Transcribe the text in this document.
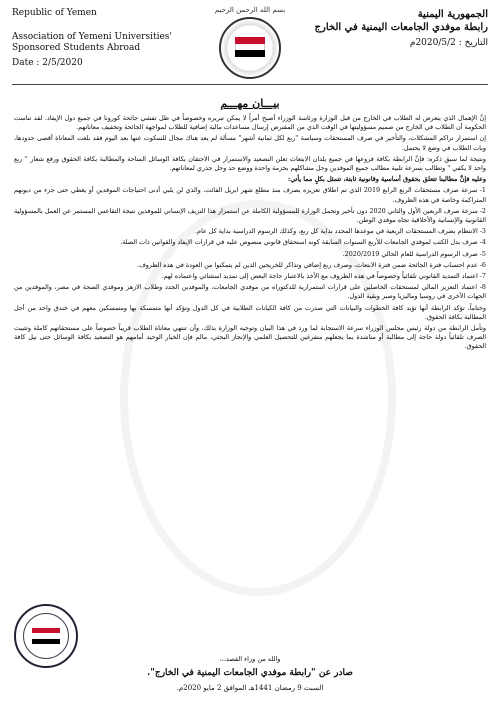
Republic of Yemen
Association of Yemeni Universities'
Sponsored Students Abroad
Date : 2/5/2020
بسم الله الرحمن الرحيم	الجمهورية اليمنية
رابطة موفدي الجامعات اليمنية في الخارج
التاريخ : 2020/5/2م
بيـــان مهـــم

إنَّ الإهمال الذي يتعرض له الطلاب في الخارج من قبل الوزارة ورئاسة الوزراء أصبح أمراً لا يمكن تبريره وخصوصاً في ظل تفشي جائحة كورونا في جميع دول الإيفاد. لقد تناست الحكومة أن الطلاب في الخارج من صميم مسؤوليتها في الوقت الذي من المفترض إرسال مساعدات مالية إضافية للطلاب لمواجهة الجائحة وتخفيف معاناتهم.

إن استمرار تراكم المشكلات، والتأخير في صرف المستحقات وسياسة "ربع لكل ثمانية أشهر" مسألة لم يعد هناك مجال للسكوت عنها بعد اليوم فقد بلغت المعاناة أقصى حدودها، وبات الطلاب في وضع لا يحتمل.

ونتيجة لما سبق ذكره: فإنَّ الرابطة بكافة فروعها في جميع بلدان الابتعاث تعلن التصعيد والاستمرار في الاحتقان بكافة الوسائل المتاحة والمطالبة بكافة الحقوق ورفع شعار " ربع واحد لا يكفي " وتطالب بسرعة تلبية مطالب جميع الموفدين وحل مشاكلهم بحزمة واحدة ووضع حد وحل جذري لمعاناتهم.

وعليه فإنَّ مطالبنا تتعلق بحقوق أساسية وقانونية ثابتة، تتمثل بكلٍ مما يأتي:

1- سرعة صرف مستحقات الربع الرابع 2019 الذي تم اطلاق تعزيزه بصرف منذ مطلع شهر ابريل الفائت، والذي لن يلبي أدنى احتياجات الموفدين أو يغطي حتى جزء من ديونهم المتراكمة وخاصة في هذه الظروف.

2- سرعة صرف الربعين الأول والثاني 2020 دون تأخير وتحمل الوزارة للمسؤولية الكاملة عن استمرار هذا النزيف الإنساني للموفدين نتيجة التقاعس المستمر عن العمل بالمسؤولية القانونية والإنسانية والأخلاقية تجاه موفدي الوطن.

3- الانتظام بصرف المستحقات الربعية في موعدها المحدد بداية كل ربع، وكذلك الرسوم الدراسية بداية كل عام.

4- صرف بدل الكتب لموفدي الجامعات للأربع السنوات السابقة كونه استحقاق قانوني منصوص عليه في قرارات الإيفاد والقوانين ذات الصلة.

5- صرف الرسوم الدراسية للعام الحالي 2020/2019.

6- عدم احتساب فترة الجائحة ضمن فترة الابتعاث، وصرف ربع إضافي وتذاكر للخريجين الذين لم يتمكنوا من العودة في هذه الظروف.

7- اعتماد التمديد القانوني تلقائياً وخصوصاً في هذه الظروف مع الأخذ بالاعتبار حاجة البعض إلى تمديد استثنائي واعتماده لهم.

8- اعتماد التعزيز المالي لمستحقات الحاصلين على قرارات استمرارية للدكتوراه من موفدي الجامعات، والموفدين الجدد وطلاب الازهر وموفدي الصحة في مصر، والموفدين من الجهات الأخرى في روسيا وماليزيا وصبر وبقية الدول.

وختاماً، تؤكد الرابطة أنها تؤيد كافة الخطوات والبيانات التي صدرت من كافة الكيانات الطلابية في كل الدول وتؤكد أنها متمسكة بها ومتمسكين معهم في خندق واحد من أجل المطالبة بكافة الحقوق.

وتأمل الرابطة من دولة رئيس مجلس الوزراء سرعة الاستجابة لما ورد في هذا البيان وتوجيه الوزارة بذلك، وأن تنتهي معاناة الطلاب قريباً خصوصاً على مستحقاتهم كاملة وتثبيت الصرف تلقائياً دولة حاجة إلى مطالبة أو مناشدة بما يجعلهم متفرغين للتحصيل العلمي والإنجاز البحثي، مالم فإن الخيار الوحيد أمامهم هو التصعيد بكافة الوسائل حتى نيل كافة الحقوق.

والله من وراء القصد،،،
صادر عن "رابطة موفدي الجامعات اليمنية في الخارج".
السبت 9 رمضان 1441هـ الموافق 2 مايو 2020م.
